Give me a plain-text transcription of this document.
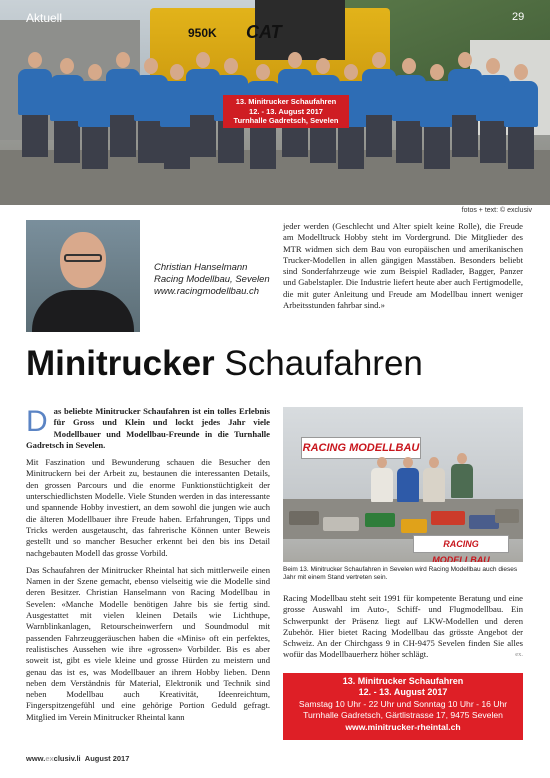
950K CAT
Aktuell	29
13. Minitrucker Schaufahren
12. - 13. August 2017
Turnhalle Gadretsch, Sevelen
fotos + text: © exclusiv
Christian Hanselmann
Racing Modellbau, Sevelen
www.racingmodellbau.ch
jeder werden (Geschlecht und Alter spielt keine Rolle), die Freude am Modelltruck Hobby steht im Vordergrund. Die Mitglieder des MTR widmen sich dem Bau von europäischen und amerikanischen Trucker-Modellen in allen gängigen Masstäben. Besonders beliebt sind Sonderfahrzeuge wie zum Beispiel Radlader, Bagger, Panzer und Gabelstapler. Die Industrie liefert heute aber auch Fertigmodelle, die mit guter Anleitung und Freude am Modellbau innert weniger Arbeitsstunden fahrbar sind.»
Minitrucker Schaufahren

Das beliebte Minitrucker Schaufahren ist ein tolles Erlebnis für Gross und Klein und lockt jedes Jahr viele Modellbauer und Modellbau-Freunde in die Turnhalle Gadretsch in Sevelen.

Mit Faszination und Bewunderung schauen die Besucher den Minitruckern bei der Arbeit zu, bestaunen die interessanten Details, den grossen Parcours und die enorme Funktionstüchtigkeit der unterschiedlichsten Modelle. Viele Stunden werden in das interessante und spannende Hobby investiert, an dem sowohl die jungen wie auch die älteren Modellbauer ihre Freude haben. Erfahrungen, Tipps und Tricks werden ausgetauscht, das fahrerische Können unter Beweis gestellt und so mancher Besucher erkennt bei den bis ins Detail nachgebauten Modell das grosse Vorbild.

Das Schaufahren der Minitrucker Rheintal hat sich mittlerweile einen Namen in der Szene gemacht, ebenso vielseitig wie die Modelle sind deren Besitzer. Christian Hanselmann von Racing Modellbau in Sevelen: «Manche Modelle benötigen Jahre bis sie fertig sind. Ausgestattet mit vielen kleinen Details wie Lichthupe, Warnblinkanlagen, Retourscheinwerfern und Soundmodul mit passenden Fahrzeuggeräuschen haben die «Minis» oft ein perfektes, realistisches Aussehen wie ihre «grossen» Vorbilder. Bis es aber soweit ist, gibt es viele kleine und grosse Hürden zu meistern und genau das ist es, was Modellbauer an ihrem Hobby lieben. Denn neben dem Verständnis für Material, Elektronik und Technik sind neben Modellbau auch Kreativität, Ideenreichtum, Fingerspitzengefühl und eine gehörige Portion Geduld gefragt. Mitglied im Verein Minitrucker Rheintal kann

RACING MODELLBAU
RACING MODELLBAU
Beim 13. Minitrucker Schaufahren in Sevelen wird Racing Modellbau auch dieses Jahr mit einem Stand vertreten sein.
Racing Modellbau steht seit 1991 für kompetente Beratung und eine grosse Auswahl im Auto-, Schiff- und Flugmodellbau. Ein Schwerpunkt der Präsenz liegt auf LKW-Modellen und deren Zubehör. Hier bietet Racing Modellbau das grösste Angebot der Schweiz. An der Chirchgass 9 in CH-9475 Sevelen finden Sie alles wofür das Modellbauerherz höher schlägt.	ex.
13. Minitrucker Schaufahren
12. - 13. August 2017
Samstag 10 Uhr - 22 Uhr und Sonntag 10 Uhr - 16 Uhr
Turnhalle Gadretsch, Gärtlistrasse 17, 9475 Sevelen
www.minitrucker-rheintal.ch
www.exclusiv.li August 2017
